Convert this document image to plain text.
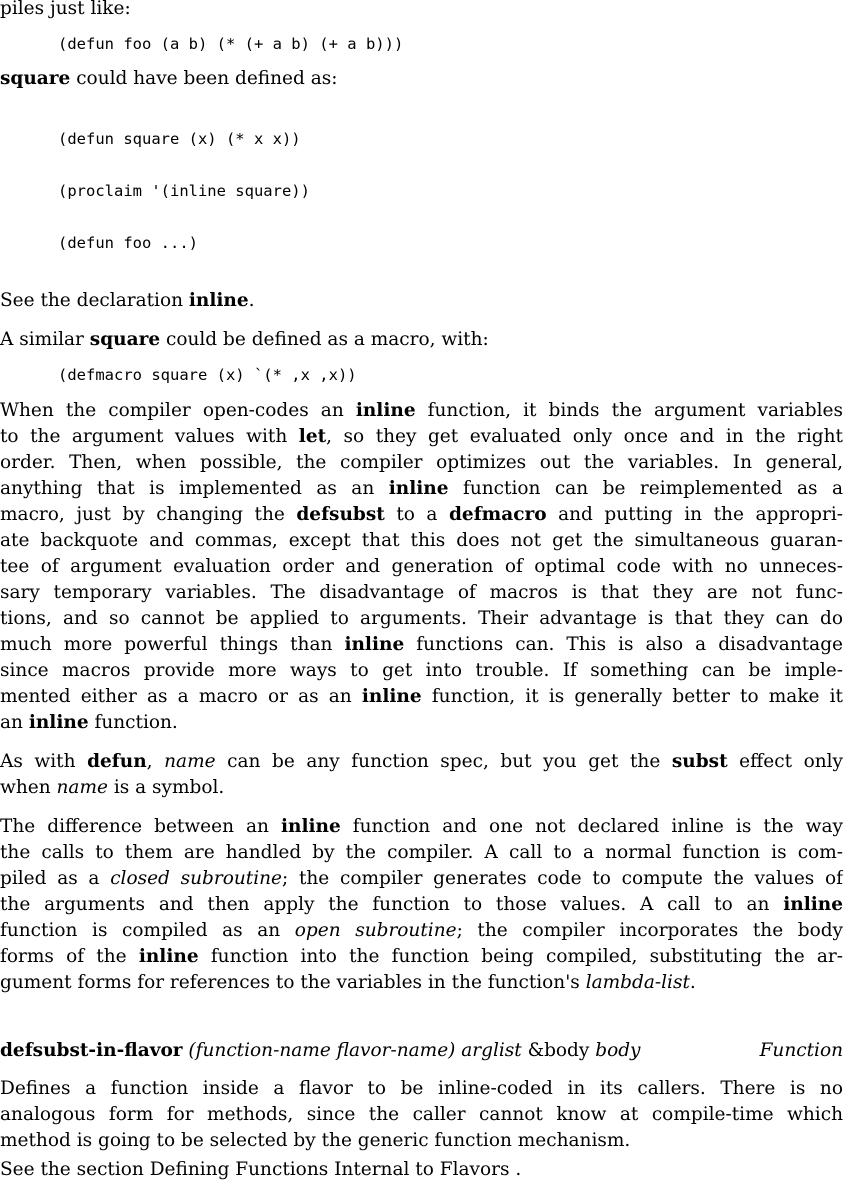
piles just like:
(defun foo (a b) (* (+ a b) (+ a b)))
square could have been defined as:
(defun square (x) (* x x))
(proclaim '(inline square))
(defun foo ...)
See the declaration inline.
A similar square could be defined as a macro, with:
(defmacro square (x) `(* ,x ,x))
When the compiler open-codes an inline function, it binds the argument variables
to the argument values with let, so they get evaluated only once and in the right
order. Then, when possible, the compiler optimizes out the variables. In general,
anything that is implemented as an inline function can be reimplemented as a
macro, just by changing the defsubst to a defmacro and putting in the appropri-
ate backquote and commas, except that this does not get the simultaneous guaran-
tee of argument evaluation order and generation of optimal code with no unneces-
sary temporary variables. The disadvantage of macros is that they are not func-
tions, and so cannot be applied to arguments. Their advantage is that they can do
much more powerful things than inline functions can. This is also a disadvantage
since macros provide more ways to get into trouble. If something can be imple-
mented either as a macro or as an inline function, it is generally better to make it
an inline function.
As with defun, name can be any function spec, but you get the subst effect only
when name is a symbol.
The difference between an inline function and one not declared inline is the way
the calls to them are handled by the compiler. A call to a normal function is com-
piled as a closed subroutine; the compiler generates code to compute the values of
the arguments and then apply the function to those values. A call to an inline
function is compiled as an open subroutine; the compiler incorporates the body
forms of the inline function into the function being compiled, substituting the ar-
gument forms for references to the variables in the function's lambda-list.
defsubst-in-flavor (function-name flavor-name) arglist &body body	Function
Defines a function inside a flavor to be inline-coded in its callers. There is no
analogous form for methods, since the caller cannot know at compile-time which
method is going to be selected by the generic function mechanism.
See the section Defining Functions Internal to Flavors .
